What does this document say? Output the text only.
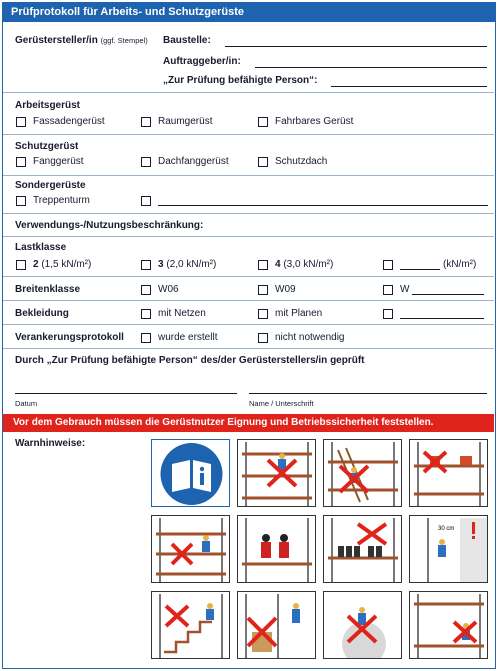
Prüfprotokoll für Arbeits- und Schutzgerüste
Gerüstersteller/in (ggf. Stempel) Baustelle:
Auftraggeber/in:
„Zur Prüfung befähigte Person“:
Arbeitsgerüst
Fassadengerüst	Raumgerüst	Fahrbares Gerüst
Schutzgerüst
Fanggerüst	Dachfanggerüst	Schutzdach
Sondergerüste
Treppenturm
Verwendungs-/Nutzungsbeschränkung:
Lastklasse
2 (1,5 kN/m²)	3 (2,0 kN/m²)	4 (3,0 kN/m²)	(kN/m²)
Breitenklasse	W06	W09	W
Bekleidung	mit Netzen	mit Planen
Verankerungsprotokoll	wurde erstellt	nicht notwendig
Durch „Zur Prüfung befähigte Person“ des/der Gerüsterstellers/in geprüft
Datum	Name / Unterschrift
Vor dem Gebrauch müssen die Gerüstnutzer Eignung und Betriebssicherheit feststellen.
Warnhinweise:
30 cm
